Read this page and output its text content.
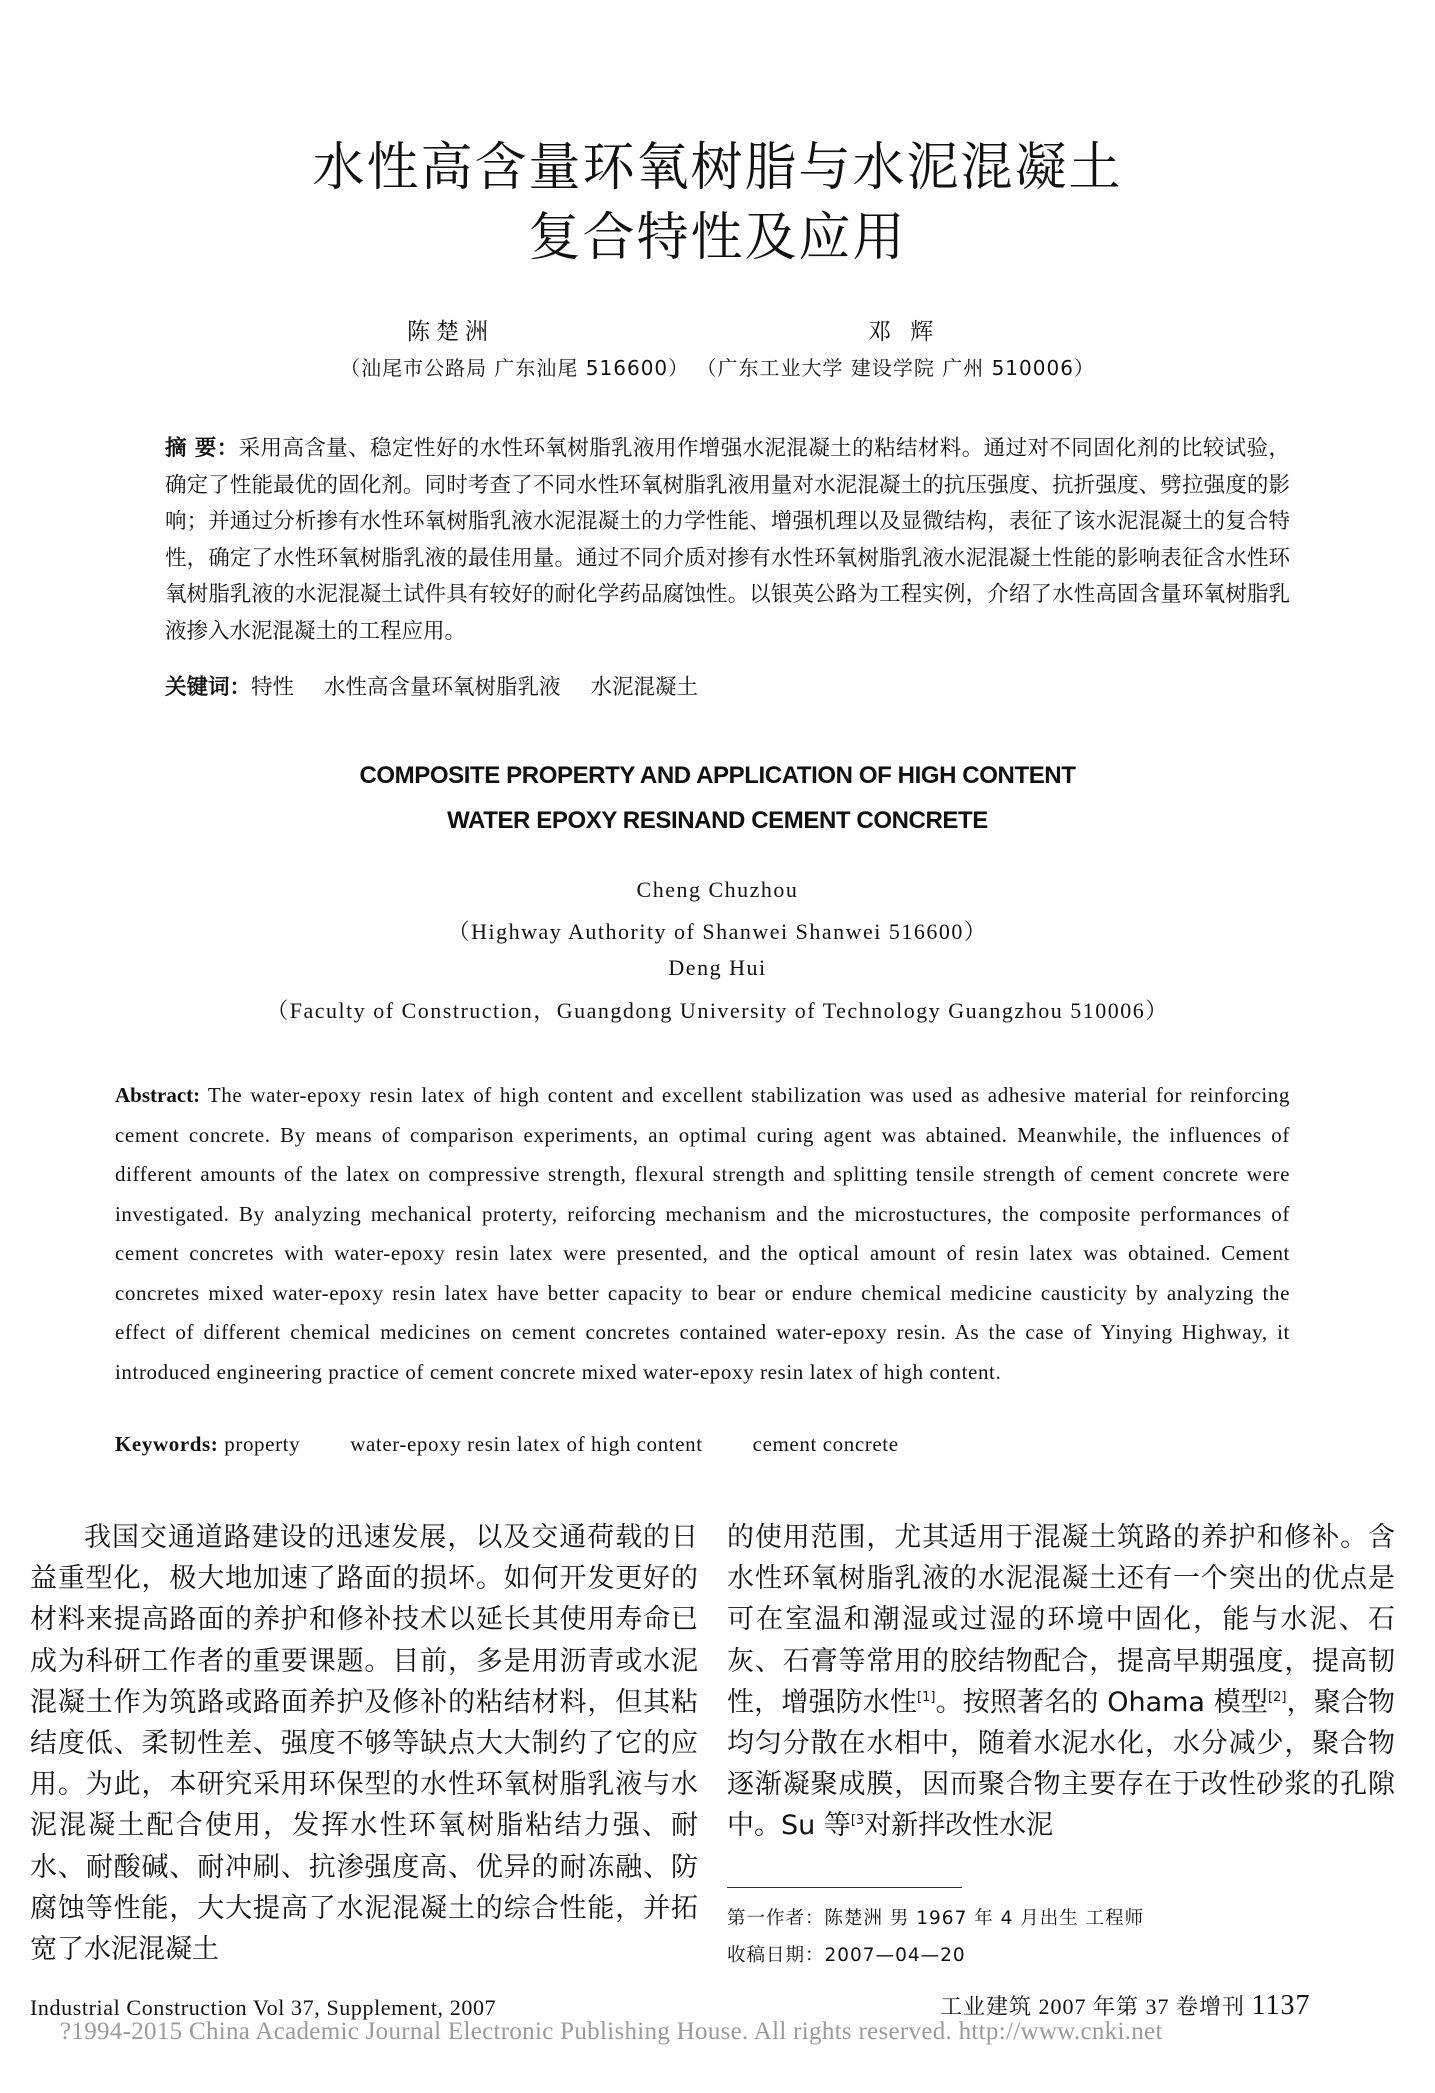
水性高含量环氧树脂与水泥混凝土
复合特性及应用
陈楚洲	邓 辉
（汕尾市公路局 广东汕尾 516600） （广东工业大学 建设学院 广州 510006）
摘 要：采用高含量、稳定性好的水性环氧树脂乳液用作增强水泥混凝土的粘结材料。通过对不同固化剂的比较试验，确定了性能最优的固化剂。同时考查了不同水性环氧树脂乳液用量对水泥混凝土的抗压强度、抗折强度、劈拉强度的影响；并通过分析掺有水性环氧树脂乳液水泥混凝土的力学性能、增强机理以及显微结构，表征了该水泥混凝土的复合特性，确定了水性环氧树脂乳液的最佳用量。通过不同介质对掺有水性环氧树脂乳液水泥混凝土性能的影响表征含水性环氧树脂乳液的水泥混凝土试件具有较好的耐化学药品腐蚀性。以银英公路为工程实例，介绍了水性高固含量环氧树脂乳液掺入水泥混凝土的工程应用。
关键词：特性 水性高含量环氧树脂乳液 水泥混凝土
COMPOSITE PROPERTY AND APPLICATION OF HIGH CONTENT
WATER EPOXY RESINAND CEMENT CONCRETE
Cheng Chuzhou
（Highway Authority of Shanwei Shanwei 516600）
Deng Hui
（Faculty of Construction，Guangdong University of Technology Guangzhou 510006）
Abstract: The water-epoxy resin latex of high content and excellent stabilization was used as adhesive material for reinforcing cement concrete. By means of comparison experiments, an optimal curing agent was abtained. Meanwhile, the influences of different amounts of the latex on compressive strength, flexural strength and splitting tensile strength of cement concrete were investigated. By analyzing mechanical proterty, reiforcing mechanism and the microstuctures, the composite performances of cement concretes with water-epoxy resin latex were presented, and the optical amount of resin latex was obtained. Cement concretes mixed water-epoxy resin latex have better capacity to bear or endure chemical medicine causticity by analyzing the effect of different chemical medicines on cement concretes contained water-epoxy resin. As the case of Yinying Highway, it introduced engineering practice of cement concrete mixed water-epoxy resin latex of high content.
Keywords: property water-epoxy resin latex of high content cement concrete

我国交通道路建设的迅速发展，以及交通荷载的日益重型化，极大地加速了路面的损坏。如何开发更好的材料来提高路面的养护和修补技术以延长其使用寿命已成为科研工作者的重要课题。目前，多是用沥青或水泥混凝土作为筑路或路面养护及修补的粘结材料，但其粘结度低、柔韧性差、强度不够等缺点大大制约了它的应用。为此，本研究采用环保型的水性环氧树脂乳液与水泥混凝土配合使用，发挥水性环氧树脂粘结力强、耐水、耐酸碱、耐冲刷、抗渗强度高、优异的耐冻融、防腐蚀等性能，大大提高了水泥混凝土的综合性能，并拓宽了水泥混凝土

的使用范围，尤其适用于混凝土筑路的养护和修补。含水性环氧树脂乳液的水泥混凝土还有一个突出的优点是可在室温和潮湿或过湿的环境中固化，能与水泥、石灰、石膏等常用的胶结物配合，提高早期强度，提高韧性，增强防水性[1]。按照著名的 Ohama 模型[2]，聚合物均匀分散在水相中，随着水泥水化，水分减少，聚合物逐渐凝聚成膜，因而聚合物主要存在于改性砂浆的孔隙中。Su 等$^{[3}$对新拌改性水泥

第一作者：陈楚洲 男 1967 年 4 月出生 工程师
收稿日期：2007—04—20
Industrial Construction Vol 37, Supplement, 2007	工业建筑 2007 年第 37 卷增刊 1137
?1994-2015 China Academic Journal Electronic Publishing House. All rights reserved. http://www.cnki.net
